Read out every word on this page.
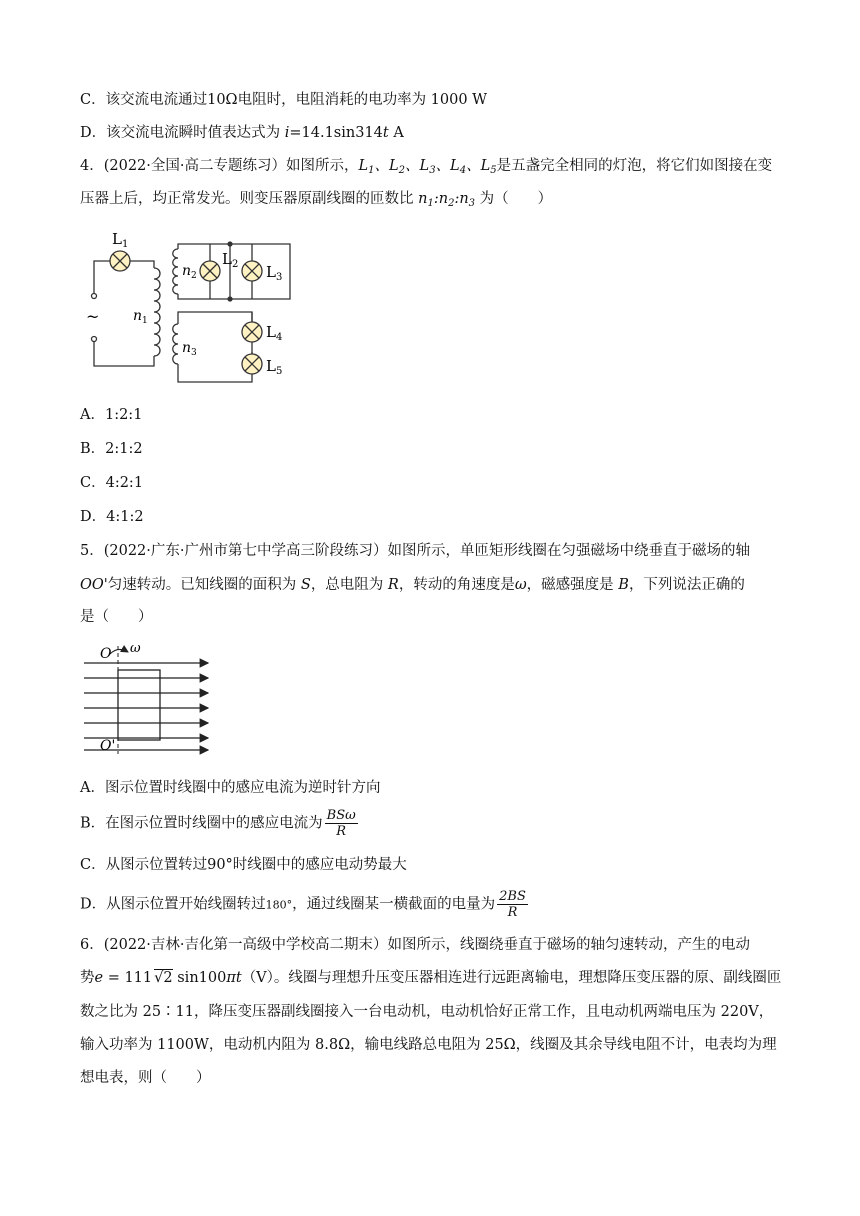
C．该交流电流通过10Ω电阻时，电阻消耗的电功率为 1000 W
D．该交流电流瞬时值表达式为 i=14.1sin314t A
4．(2022·全国·高二专题练习）如图所示，$L_1$、$L_2$、$L_3$、$L_4$、$L_5$是五盏完全相同的灯泡，将它们如图接在变
压器上后，均正常发光。则变压器原副线圈的匝数比 $n_1:n_2:n_3$ 为（　　）
$L_1$
$L_2$ $L_3$
$L_4$
$L_5$
$n_2$
$n_1$
$n_3$
~
A．1:2:1
B．2:1:2
C．4:2:1
D．4:1:2
5．(2022·广东·广州市第七中学高三阶段练习）如图所示，单匝矩形线圈在匀强磁场中绕垂直于磁场的轴
OO'匀速转动。已知线圈的面积为 S，总电阻为 R，转动的角速度是ω，磁感强度是 B，下列说法正确的
是（　　）
O
O'
ω
A．图示位置时线圈中的感应电流为逆时针方向
B．在图示位置时线圈中的感应电流为 $\frac{\text{BSω}}{R}$
C．从图示位置转过90°时线圈中的感应电动势最大
D．从图示位置开始线圈转过180°，通过线圈某一横截面的电量为 $\frac{2BS}{R}$
6．(2022·吉林·吉化第一高级中学校高二期末）如图所示，线圈绕垂直于磁场的轴匀速转动，产生的电动
势e = 111 √2 sin100πt（V）。线圈与理想升压变压器相连进行远距离输电，理想降压变压器的原、副线圈匝
数之比为 25∶11，降压变压器副线圈接入一台电动机，电动机恰好正常工作，且电动机两端电压为 220V，
输入功率为 1100W，电动机内阻为 8.8Ω，输电线路总电阻为 25Ω，线圈及其余导线电阻不计，电表均为理
想电表，则（　　）
